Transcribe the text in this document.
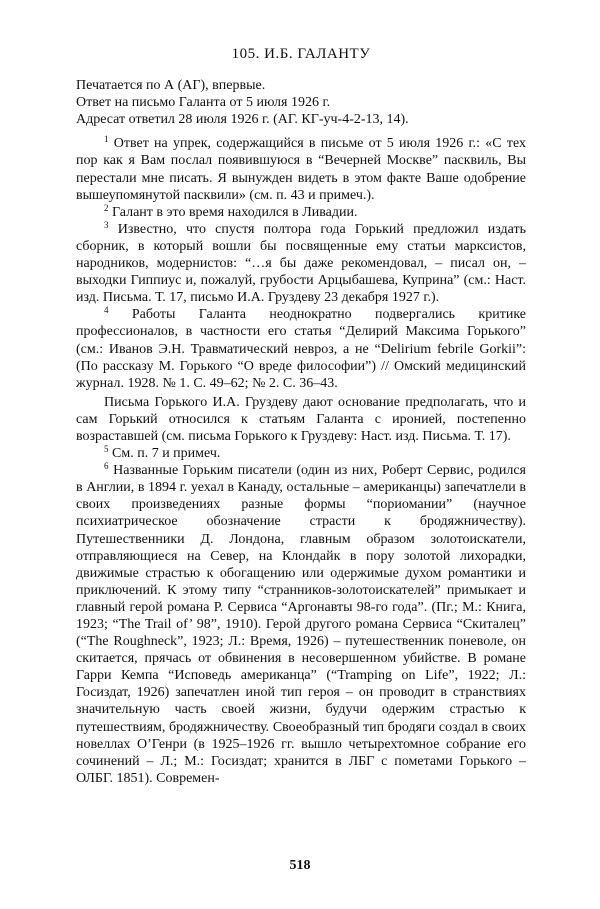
105. И.Б. ГАЛАНТУ

Печатается по А (АГ), впервые.

Ответ на письмо Галанта от 5 июля 1926 г.

Адресат ответил 28 июля 1926 г. (АГ. КГ-уч-4-2-13, 14).

$^1$ Ответ на упрек, содержащийся в письме от 5 июля 1926 г.: «С тех пор как я Вам послал появившуюся в “Вечерней Москве” пасквиль, Вы перестали мне писать. Я вынужден видеть в этом факте Ваше одобрение вышеупомянутой пасквили» (см. п. 43 и примеч.).

$^2$ Галант в это время находился в Ливадии.

$^3$ Известно, что спустя полтора года Горький предложил издать сборник, в который вошли бы посвященные ему статьи марксистов, народников, модернистов: “…я бы даже рекомендовал, – писал он, – выходки Гиппиус и, пожалуй, грубости Арцыбашева, Куприна” (см.: Наст. изд. Письма. Т. 17, письмо И.А. Груздеву 23 декабря 1927 г.).

$^4$ Работы Галанта неоднократно подвергались критике профессионалов, в частности его статья “Делирий Максима Горького” (см.: Иванов Э.Н. Травматический невроз, а не “Delirium febrile Gorkii”: (По рассказу М. Горького “О вреде философии”) // Омский медицинский журнал. 1928. № 1. С. 49–62; № 2. С. 36–43.

Письма Горького И.А. Груздеву дают основание предполагать, что и сам Горький относился к статьям Галанта с иронией, постепенно возраставшей (см. письма Горького к Груздеву: Наст. изд. Письма. Т. 17).

$^5$ См. п. 7 и примеч.

$^6$ Названные Горьким писатели (один из них, Роберт Сервис, родился в Англии, в 1894 г. уехал в Канаду, остальные – американцы) запечатлели в своих произведениях разные формы “пориомании” (научное психиатрическое обозначение страсти к бродяжничеству). Путешественники Д. Лондона, главным образом золотоискатели, отправляющиеся на Север, на Клондайк в пору золотой лихорадки, движимые страстью к обогащению или одержимые духом романтики и приключений. К этому типу “странников-золотоискателей” примыкает и главный герой романа Р. Сервиса “Аргонавты 98-го года”. (Пг.; М.: Книга, 1923; “The Trail of’ 98”, 1910). Герой другого романа Сервиса “Скиталец” (“The Roughneck”, 1923; Л.: Время, 1926) – путешественник поневоле, он скитается, прячась от обвинения в несовершенном убийстве. В романе Гарри Кемпа “Исповедь американца” (“Tramping on Life”, 1922; Л.: Госиздат, 1926) запечатлен иной тип героя – он проводит в странствиях значительную часть своей жизни, будучи одержим страстью к путешествиям, бродяжничеству. Своеобразный тип бродяги создал в своих новеллах О’Генри (в 1925–1926 гг. вышло четырехтомное собрание его сочинений – Л.; М.: Госиздат; хранится в ЛБГ с пометами Горького – ОЛБГ. 1851). Современ-

518
